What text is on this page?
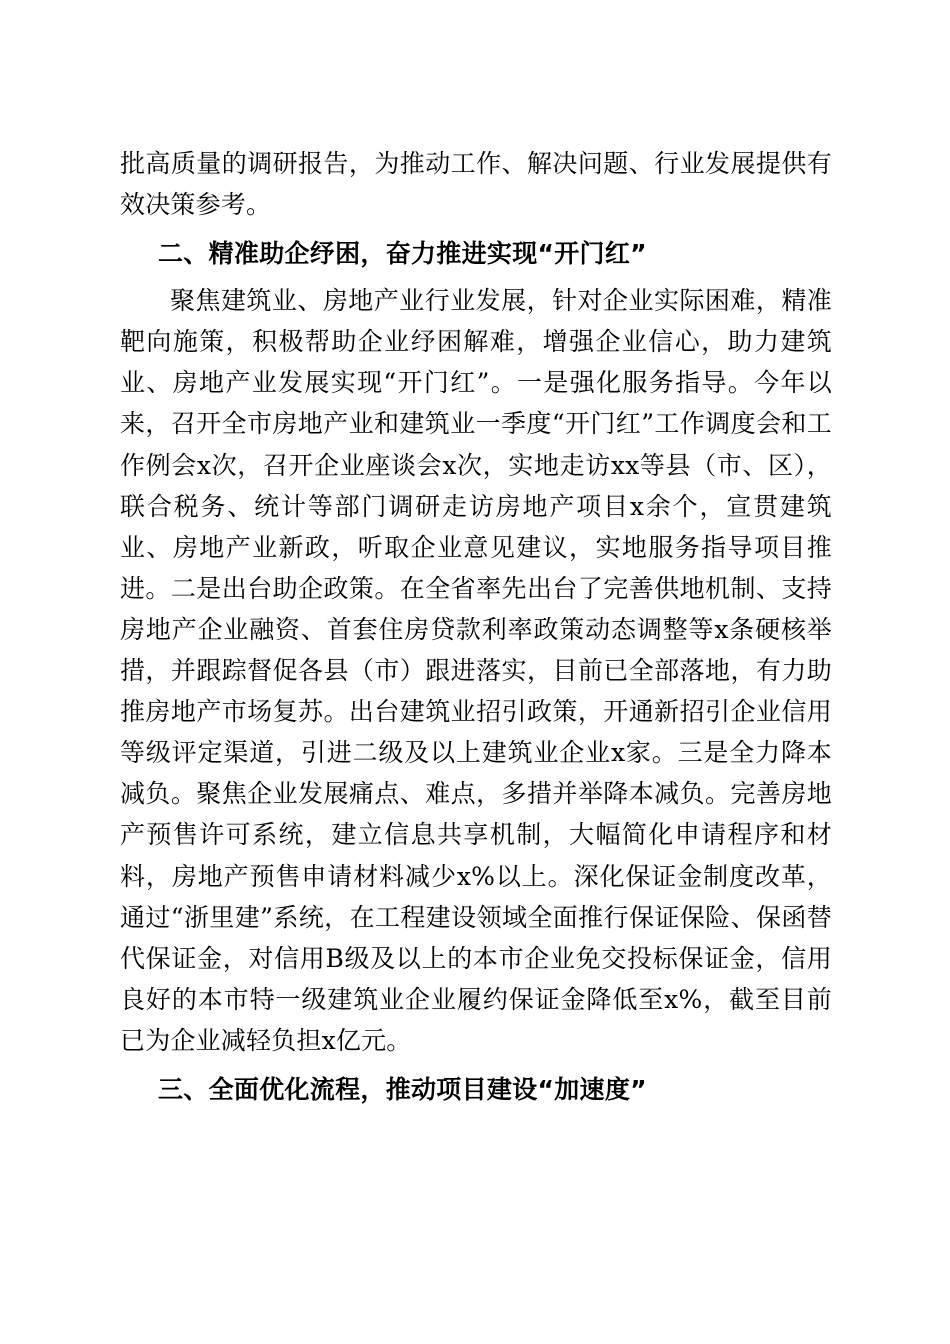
批高质量的调研报告，为推动工作、解决问题、行业发展提供有效决策参考。

二、精准助企纾困，奋力推进实现“开门红”

聚焦建筑业、房地产业行业发展，针对企业实际困难，精准靶向施策，积极帮助企业纾困解难，增强企业信心，助力建筑业、房地产业发展实现“开门红”。一是强化服务指导。今年以来，召开全市房地产业和建筑业一季度“开门红”工作调度会和工作例会x次，召开企业座谈会x次，实地走访xx等县（市、区），联合税务、统计等部门调研走访房地产项目x余个，宣贯建筑业、房地产业新政，听取企业意见建议，实地服务指导项目推进。二是出台助企政策。在全省率先出台了完善供地机制、支持房地产企业融资、首套住房贷款利率政策动态调整等x条硬核举措，并跟踪督促各县（市）跟进落实，目前已全部落地，有力助推房地产市场复苏。出台建筑业招引政策，开通新招引企业信用等级评定渠道，引进二级及以上建筑业企业x家。三是全力降本减负。聚焦企业发展痛点、难点，多措并举降本减负。完善房地产预售许可系统，建立信息共享机制，大幅简化申请程序和材料，房地产预售申请材料减少x%以上。深化保证金制度改革，通过“浙里建”系统，在工程建设领域全面推行保证保险、保函替代保证金，对信用B级及以上的本市企业免交投标保证金，信用良好的本市特一级建筑业企业履约保证金降低至x%，截至目前已为企业减轻负担x亿元。

三、全面优化流程，推动项目建设“加速度”
